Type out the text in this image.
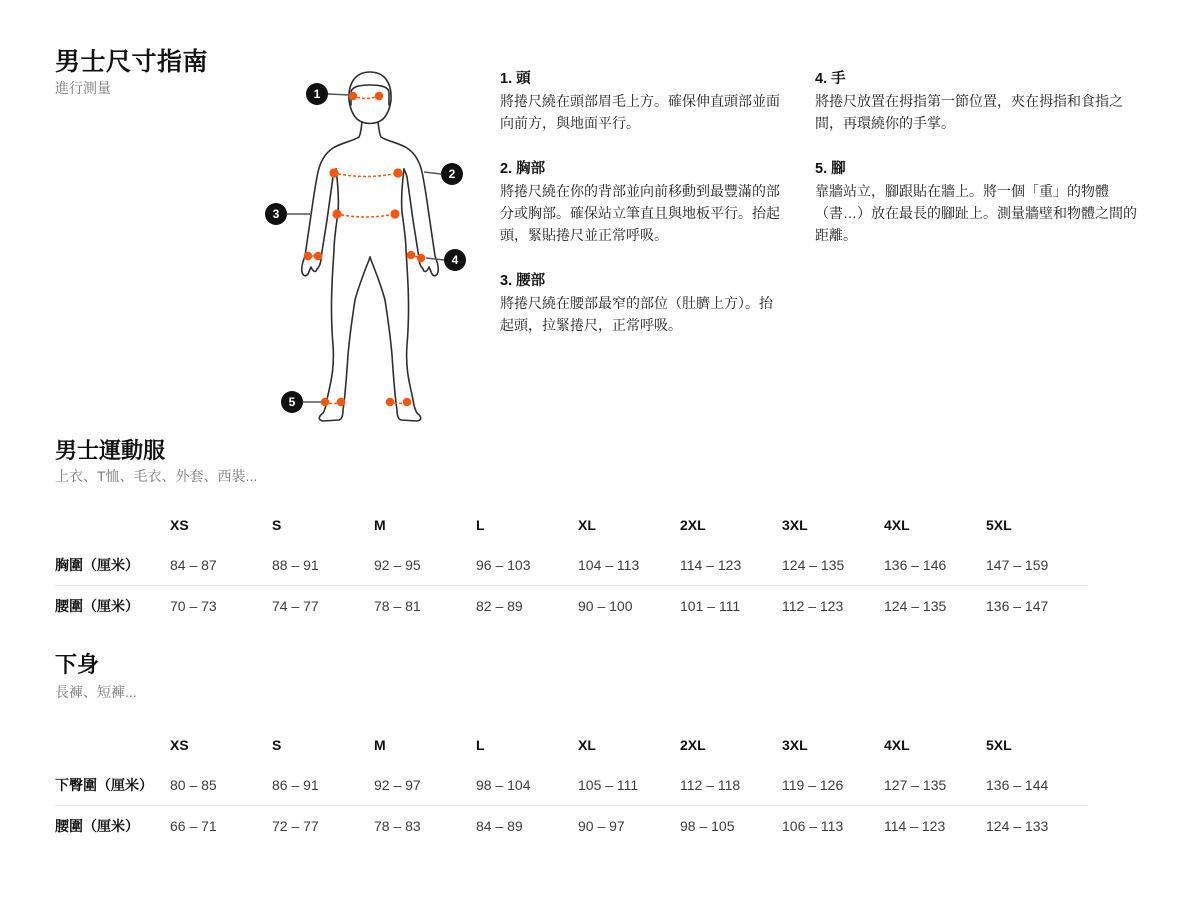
男士尺寸指南
進行測量	1
2
3
4
5
1. 頭

將捲尺繞在頭部眉毛上方。確保伸直頭部並面向前方，與地面平行。

2. 胸部

將捲尺繞在你的背部並向前移動到最豐滿的部分或胸部。確保站立筆直且與地板平行。抬起頭，緊貼捲尺並正常呼吸。

3. 腰部

將捲尺繞在腰部最窄的部位（肚臍上方）。抬起頭，拉緊捲尺，正常呼吸。

4. 手

將捲尺放置在拇指第一節位置，夾在拇指和食指之間，再環繞你的手掌。

5. 腳

靠牆站立，腳跟貼在牆上。將一個「重」的物體（書…）放在最長的腳趾上。測量牆壁和物體之間的距離。

男士運動服
上衣、T恤、毛衣、外套、西裝...
XS	S	M	L	XL	2XL	3XL	4XL	5XL
胸圍（厘米）	84 – 87	88 – 91	92 – 95	96 – 103	104 – 113	114 – 123	124 – 135	136 – 146	147 – 159
腰圍（厘米）	70 – 73	74 – 77	78 – 81	82 – 89	90 – 100	101 – 111	112 – 123	124 – 135	136 – 147
下身
長褲、短褲...
XS	S	M	L	XL	2XL	3XL	4XL	5XL
下臀圍（厘米）	80 – 85	86 – 91	92 – 97	98 – 104	105 – 111	112 – 118	119 – 126	127 – 135	136 – 144
腰圍（厘米）	66 – 71	72 – 77	78 – 83	84 – 89	90 – 97	98 – 105	106 – 113	114 – 123	124 – 133
